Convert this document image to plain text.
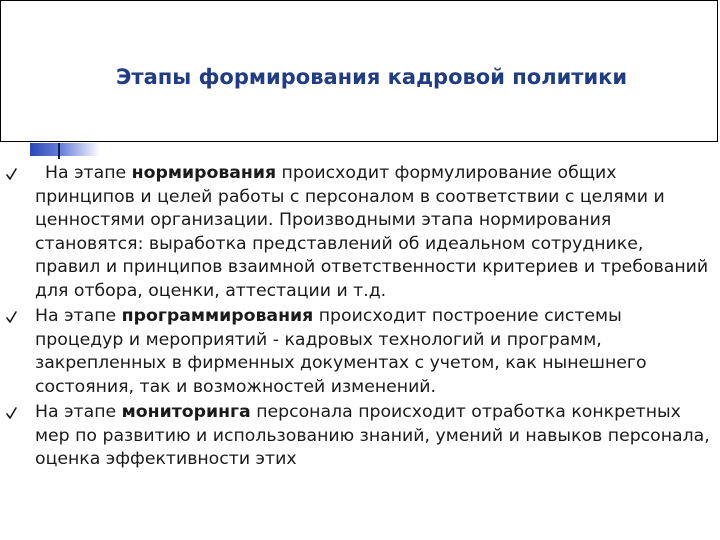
Этапы формирования кадровой политики
На этапе нормирования происходит формулирование общих принципов и целей работы с персоналом в соответствии с целями и ценностями организации. Производными этапа нормирования становятся: выработка представлений об идеальном сотруднике, правил и принципов взаимной ответственности критериев и требований для отбора, оценки, аттестации и т.д.
На этапе программирования происходит построение системы процедур и мероприятий - кадровых технологий и программ, закрепленных в фирменных документах с учетом, как нынешнего состояния, так и возможностей изменений.
На этапе мониторинга персонала происходит отработка конкретных мер по развитию и использованию знаний, умений и навыков персонала, оценка эффективности этих
